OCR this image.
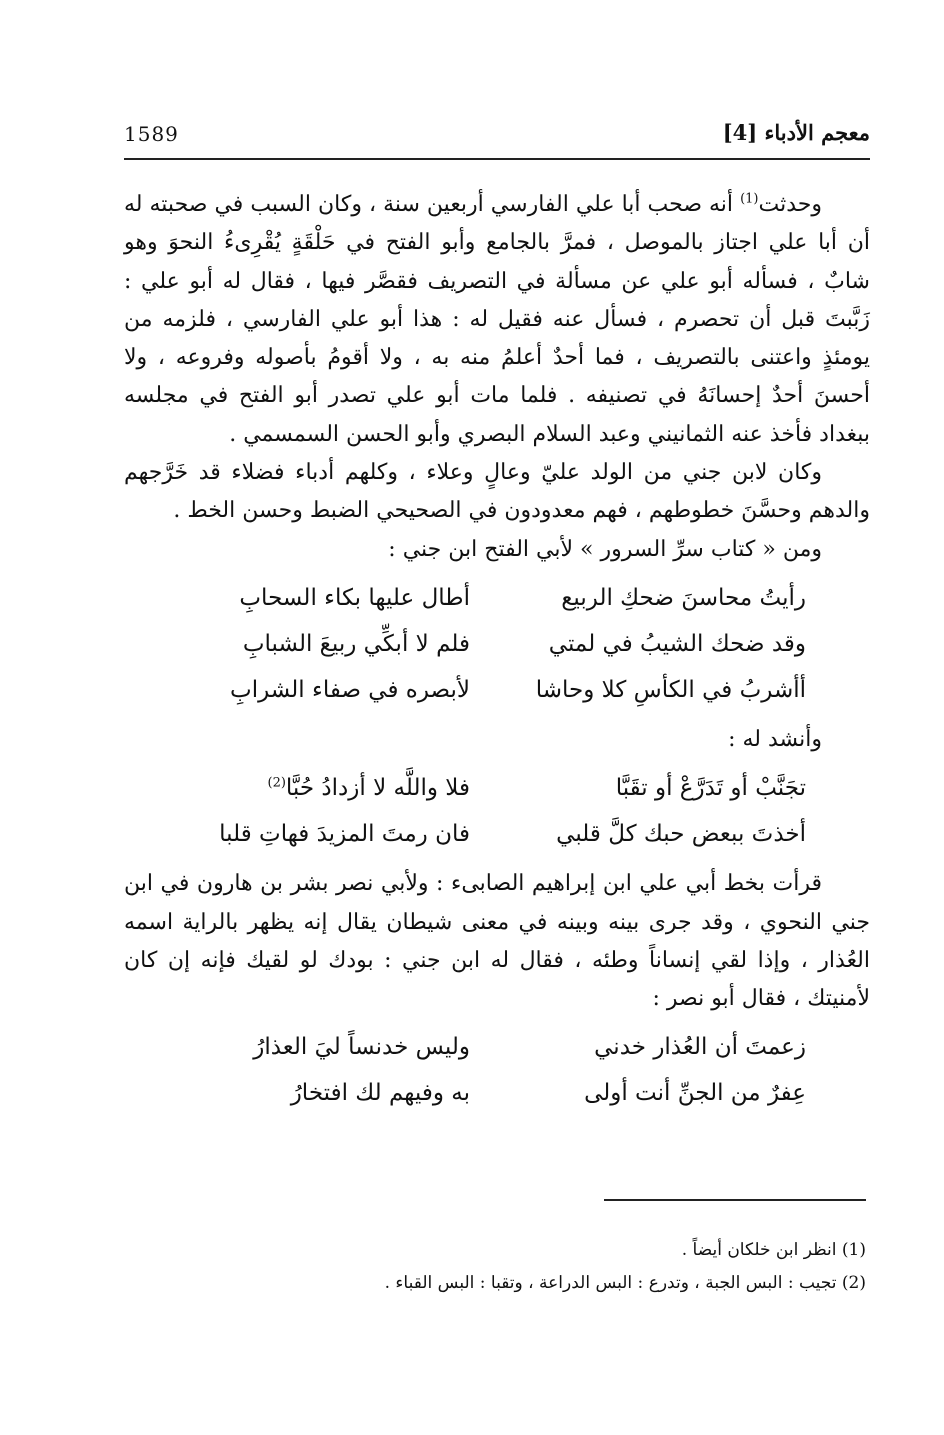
1589	معجم الأدباء [4]

وحدثت$^{(1)}$ أنه صحب أبا علي الفارسي أربعين سنة ، وكان السبب في صحبته له أن أبا علي اجتاز بالموصل ، فمرَّ بالجامع وأبو الفتح في حَلْقَةٍ يُقْرِىءُ النحوَ وهو شابٌ ، فسأله أبو علي عن مسألة في التصريف فقصَّر فيها ، فقال له أبو علي : زَبَّبتَ قبل أن تحصرم ، فسأل عنه فقيل له : هذا أبو علي الفارسي ، فلزمه من يومئذٍ واعتنى بالتصريف ، فما أحدٌ أعلمُ منه به ، ولا أقومُ بأصوله وفروعه ، ولا أحسنَ أحدٌ إحسانَهُ في تصنيفه . فلما مات أبو علي تصدر أبو الفتح في مجلسه ببغداد فأخذ عنه الثمانيني وعبد السلام البصري وأبو الحسن السمسمي .

وكان لابن جني من الولد عليّ وعالٍ وعلاء ، وكلهم أدباء فضلاء قد خَرَّجهم والدهم وحسَّنَ خطوطهم ، فهم معدودون في الصحيحي الضبط وحسن الخط .

ومن « كتاب سرِّ السرور » لأبي الفتح ابن جني :

رأيتُ محاسنَ ضحكِ الربيع
أطال عليها بكاء السحابِ
وقد ضحك الشيبُ في لمتي
فلم لا أبكِّي ربيعَ الشبابِ
أأشربُ في الكأسِ كلا وحاشا
لأبصره في صفاء الشرابِ

وأنشد له :

تجَنَّبْ أو تَدَرَّعْ أو تقَبَّا
فلا واللَّه لا أزدادُ حُبَّا$^{(2)}$
أخذتَ ببعض حبك كلَّ قلبي
فان رمتَ المزيدَ فهاتِ قلبا

قرأت بخط أبي علي ابن إبراهيم الصابىء : ولأبي نصر بشر بن هارون في ابن جني النحوي ، وقد جرى بينه وبينه في معنى شيطان يقال إنه يظهر بالراية اسمه العُذار ، وإذا لقي إنساناً وطئه ، فقال له ابن جني : بودك لو لقيك فإنه إن كان لأمنيتك ، فقال أبو نصر :

زعمتَ أن العُذار خدني
وليس خدنساً ليَ العذارُ
عِفرٌ من الجنِّ أنت أولى
به وفيهم لك افتخارُ

(1) انظر ابن خلكان أيضاً .

(2) تجيب : البس الجبة ، وتدرع : البس الدراعة ، وتقبا : البس القباء .
